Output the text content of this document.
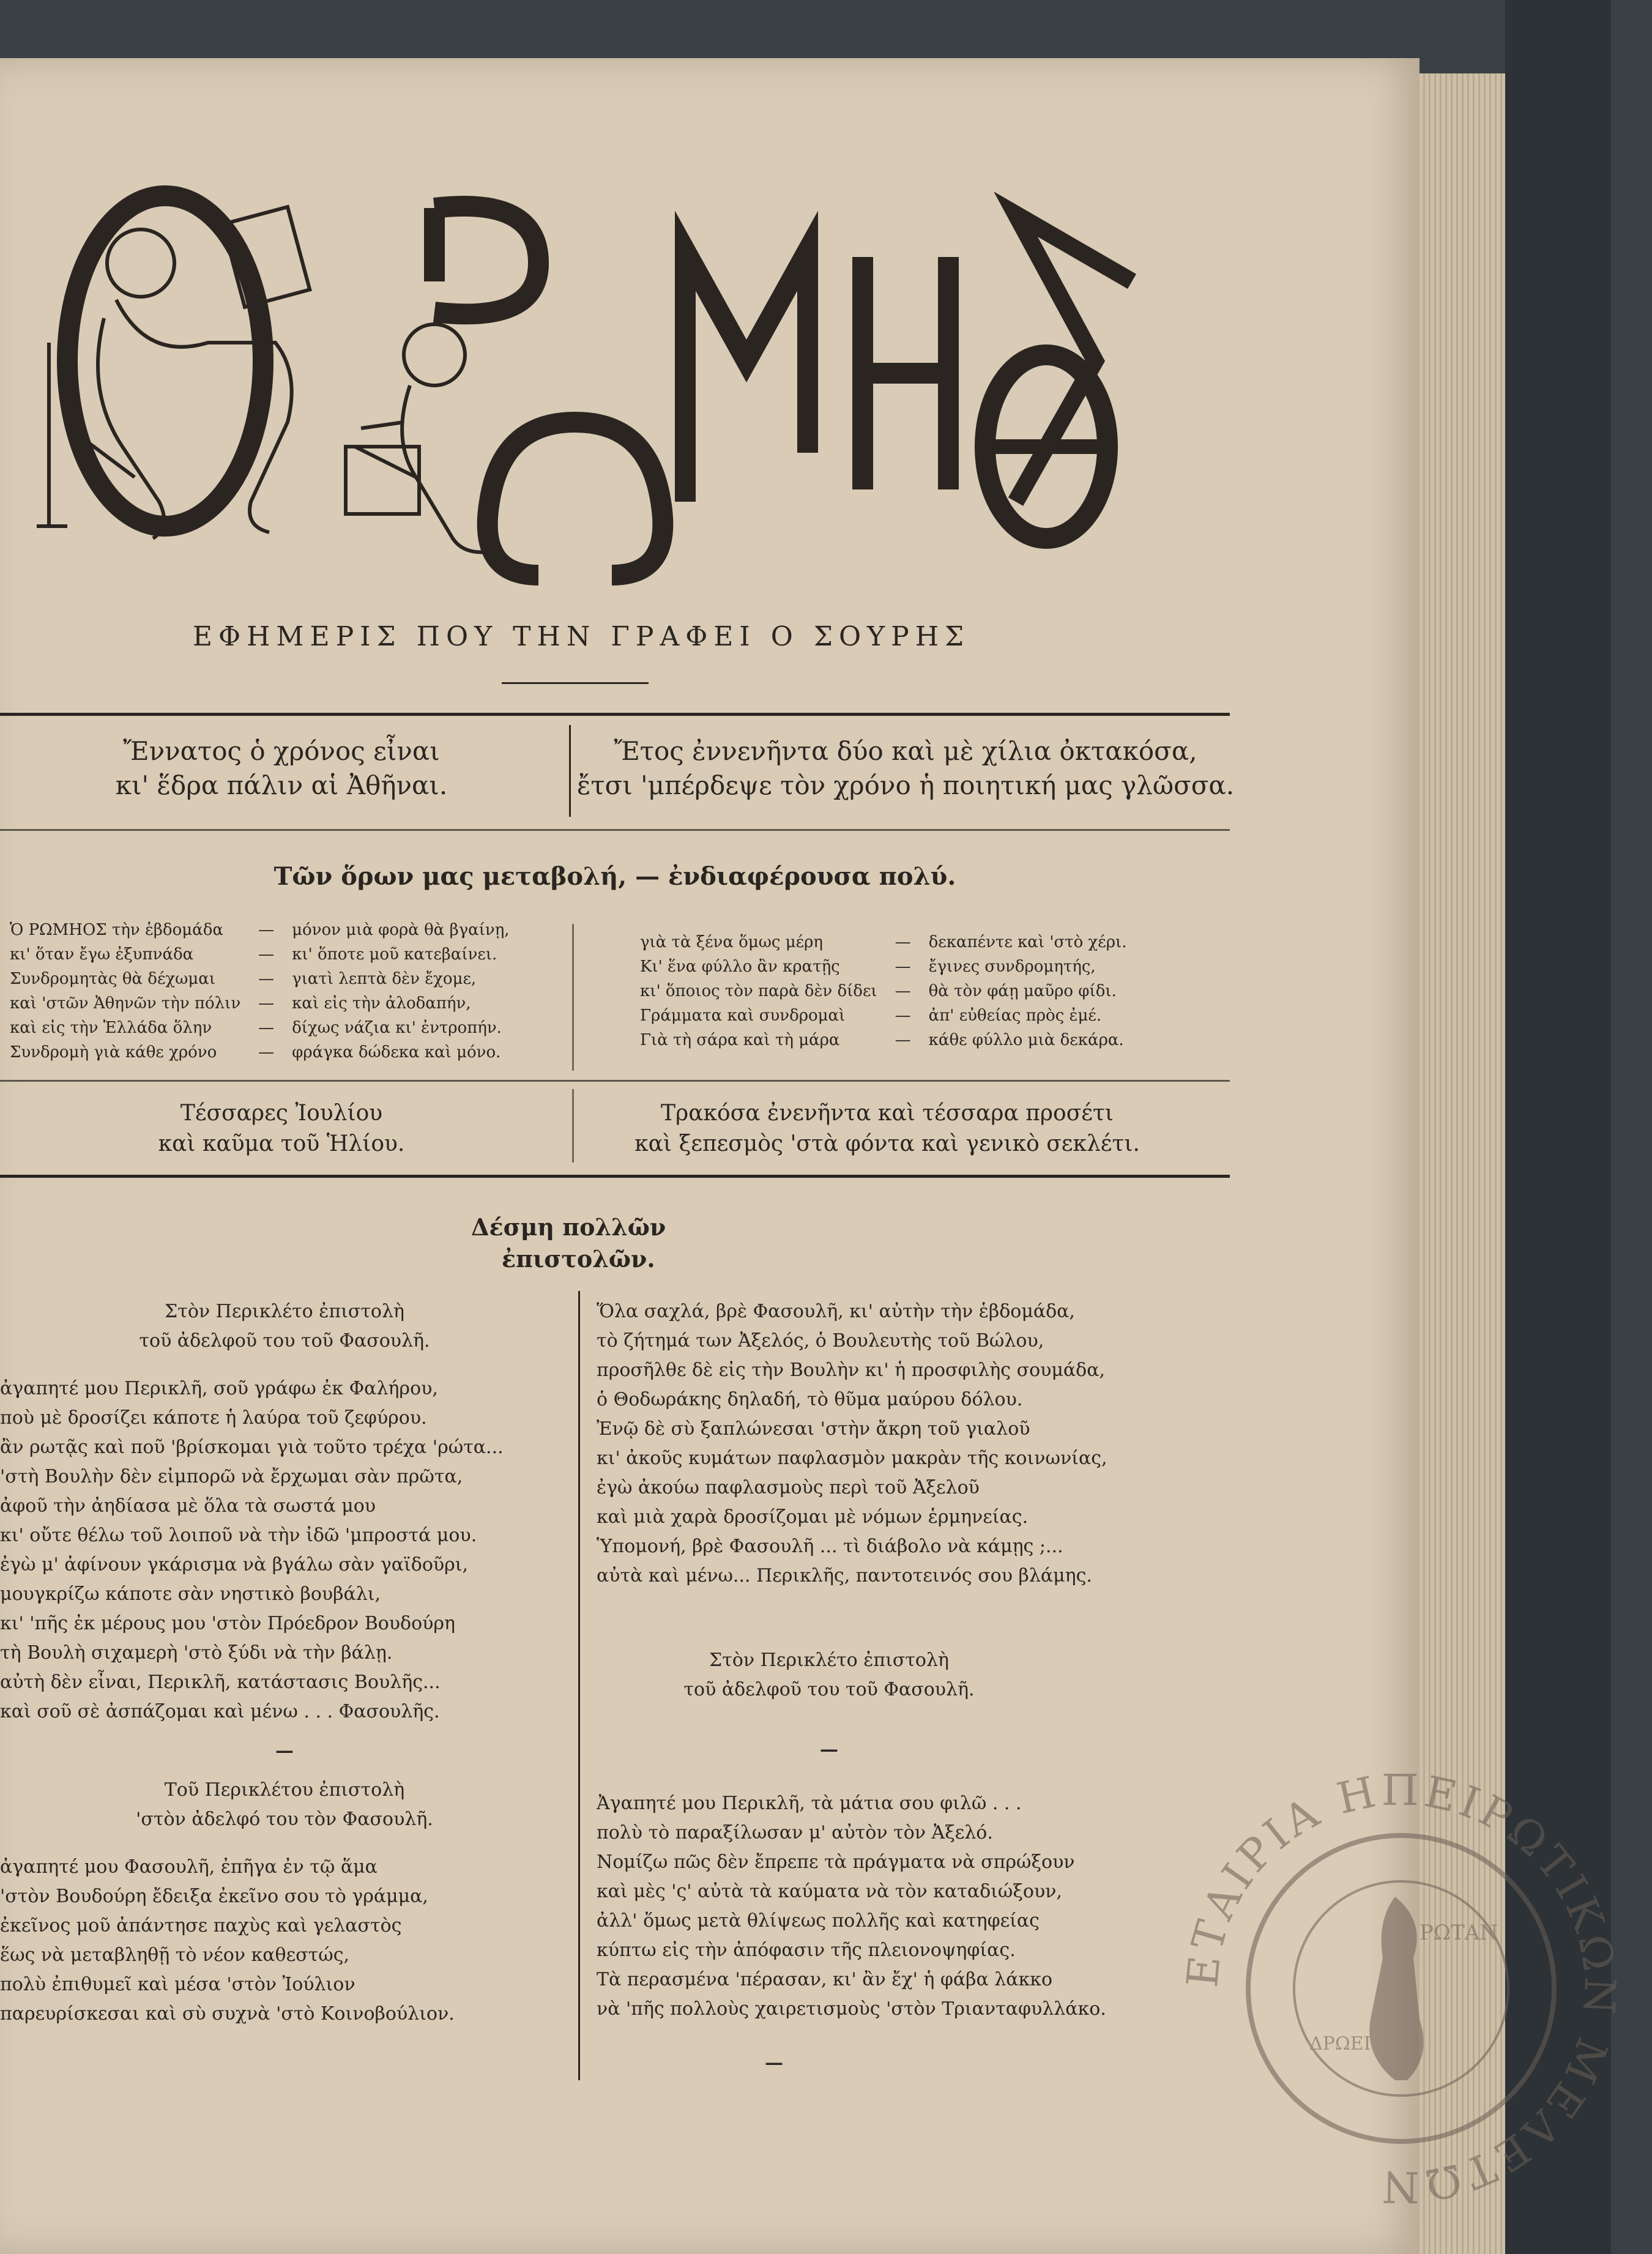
ΕΦΗΜΕΡΙΣ ΠΟΥ ΤΗΝ ΓΡΑΦΕΙ Ο ΣΟΥΡΗΣ
Ἔννατος ὁ χρόνος εἶναι
κι' ἕδρα πάλιν αἱ Ἀθῆναι.
Ἔτος ἐννενῆντα δύο καὶ μὲ χίλια ὀκτακόσα,
ἔτσι 'μπέρδεψε τὸν χρόνο ἡ ποιητική μας γλῶσσα.
Τῶν ὅρων μας μεταβολή, — ἐνδιαφέρουσα πολύ.
Ὁ ΡΩΜΗΟΣ τὴν ἑβδομάδα	—	μόνον μιὰ φορὰ θὰ βγαίνῃ,
κι' ὅταν ἔγω ἐξυπνάδα	—	κι' ὅποτε μοῦ κατεβαίνει.
Συνδρομητὰς θὰ δέχωμαι	—	γιατὶ λεπτὰ δὲν ἔχομε,
καὶ 'στῶν Ἀθηνῶν τὴν πόλιν	—	καὶ εἰς τὴν ἀλοδαπήν,
καὶ εἰς τὴν Ἑλλάδα ὅλην	—	δίχως νάζια κι' ἐντροπήν.
Συνδρομὴ γιὰ κάθε χρόνο	—	φράγκα δώδεκα καὶ μόνο.
γιὰ τὰ ξένα ὅμως μέρη	—	δεκαπέντε καὶ 'στὸ χέρι.
Κι' ἕνα φύλλο ἂν κρατῇς	—	ἔγινες συνδρομητής,
κι' ὅποιος τὸν παρὰ δὲν δίδει	—	θὰ τὸν φάῃ μαῦρο φίδι.
Γράμματα καὶ συνδρομαὶ	—	ἀπ' εὐθείας πρὸς ἐμέ.
Γιὰ τὴ σάρα καὶ τὴ μάρα	—	κάθε φύλλο μιὰ δεκάρα.
Τέσσαρες Ἰουλίου
καὶ καῦμα τοῦ Ἡλίου.
Τρακόσα ἐνενῆντα καὶ τέσσαρα προσέτι
καὶ ξεπεσμὸς 'στὰ φόντα καὶ γενικὸ σεκλέτι.
Δέσμη πολλῶν
ἐπιστολῶν.
Στὸν Περικλέτο ἐπιστολὴ
τοῦ ἀδελφοῦ του τοῦ Φασουλῆ.
ἀγαπητέ μου Περικλῆ, σοῦ γράφω ἐκ Φαλήρου,
ποὺ μὲ δροσίζει κάποτε ἡ λαύρα τοῦ ζεφύρου.
ἂν ρωτᾷς καὶ ποῦ 'βρίσκομαι γιὰ τοῦτο τρέχα 'ρώτα...
'στὴ Βουλὴν δὲν εἰμπορῶ νὰ ἔρχωμαι σὰν πρῶτα,
ἀφοῦ τὴν ἀηδίασα μὲ ὅλα τὰ σωστά μου
κι' οὔτε θέλω τοῦ λοιποῦ νὰ τὴν ἰδῶ 'μπροστά μου.
ἐγὼ μ' ἀφίνουν γκάρισμα νὰ βγάλω σὰν γαϊδοῦρι,
μουγκρίζω κάποτε σὰν νηστικὸ βουβάλι,
κι' 'πῆς ἐκ μέρους μου 'στὸν Πρόεδρον Βουδούρη
τὴ Βουλὴ σιχαμερὴ 'στὸ ξύδι νὰ τὴν βάλῃ.
αὐτὴ δὲν εἶναι, Περικλῆ, κατάστασις Βουλῆς...
καὶ σοῦ σὲ ἀσπάζομαι καὶ μένω . . . Φασουλῆς.
—
Τοῦ Περικλέτου ἐπιστολὴ
'στὸν ἀδελφό του τὸν Φασουλῆ.
ἀγαπητέ μου Φασουλῆ, ἐπῆγα ἐν τῷ ἅμα
'στὸν Βουδούρη ἔδειξα ἐκεῖνο σου τὸ γράμμα,
ἐκεῖνος μοῦ ἀπάντησε παχὺς καὶ γελαστὸς
ἕως νὰ μεταβληθῇ τὸ νέον καθεστώς,
πολὺ ἐπιθυμεῖ καὶ μέσα 'στὸν Ἰούλιον
παρευρίσκεσαι καὶ σὺ συχνὰ 'στὸ Κοινοβούλιον.
Ὅλα σαχλά, βρὲ Φασουλῆ, κι' αὐτὴν τὴν ἑβδομάδα,
τὸ ζήτημά των Ἀξελός, ὁ Βουλευτὴς τοῦ Βώλου,
προσῆλθε δὲ εἰς τὴν Βουλὴν κι' ἡ προσφιλὴς σουμάδα,
ὁ Θοδωράκης δηλαδή, τὸ θῦμα μαύρου δόλου.
Ἐνῷ δὲ σὺ ξαπλώνεσαι 'στὴν ἄκρη τοῦ γιαλοῦ
κι' ἀκοῦς κυμάτων παφλασμὸν μακρὰν τῆς κοινωνίας,
ἐγὼ ἀκούω παφλασμοὺς περὶ τοῦ Ἀξελοῦ
καὶ μιὰ χαρὰ δροσίζομαι μὲ νόμων ἑρμηνείας.
Ὑπομονή, βρὲ Φασουλῆ ... τὶ διάβολο νὰ κάμῃς ;...
αὐτὰ καὶ μένω... Περικλῆς, παντοτεινός σου βλάμης.
Στὸν Περικλέτο ἐπιστολὴ
τοῦ ἀδελφοῦ του τοῦ Φασουλῆ.
—
Ἀγαπητέ μου Περικλῆ, τὰ μάτια σου φιλῶ . . .
πολὺ τὸ παραξίλωσαν μ' αὐτὸν τὸν Ἀξελό.
Νομίζω πῶς δὲν ἔπρεπε τὰ πράγματα νὰ σπρώξουν
καὶ μὲς 'ς' αὐτὰ τὰ καύματα νὰ τὸν καταδιώξουν,
ἀλλ' ὅμως μετὰ θλίψεως πολλῆς καὶ κατηφείας
κύπτω εἰς τὴν ἀπόφασιν τῆς πλειονοψηφίας.
Τὰ περασμένα 'πέρασαν, κι' ἂν ἔχ' ἡ φάβα λάκκο
νὰ 'πῆς πολλοὺς χαιρετισμοὺς 'στὸν Τριανταφυλλάκο.
—
ΕΤΑΙΡΙΑ ΗΠΕΙΡΩΤΙΚΩΝ ΜΕΛΕΤΩΝ
ΡΩΤΑΝ
ΔΡΩΕΙ
